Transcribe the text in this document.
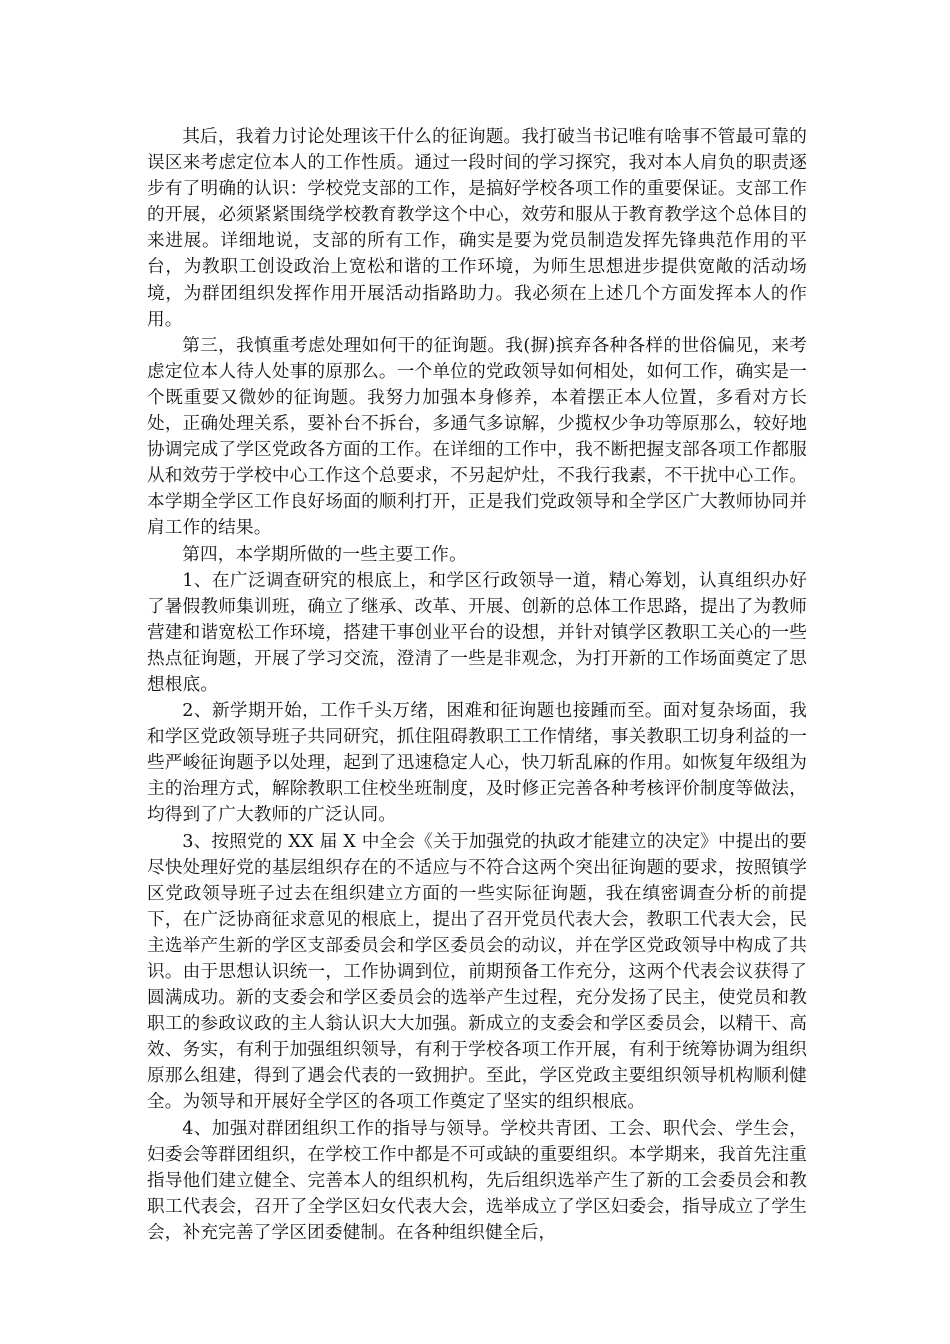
其后，我着力讨论处理该干什么的征询题。我打破当书记唯有啥事不管最可靠的误区来考虑定位本人的工作性质。通过一段时间的学习探究，我对本人肩负的职责逐步有了明确的认识：学校党支部的工作，是搞好学校各项工作的重要保证。支部工作的开展，必须紧紧围绕学校教育教学这个中心，效劳和服从于教育教学这个总体目的来进展。详细地说，支部的所有工作，确实是要为党员制造发挥先锋典范作用的平台，为教职工创设政治上宽松和谐的工作环境，为师生思想进步提供宽敞的活动场境，为群团组织发挥作用开展活动指路助力。我必须在上述几个方面发挥本人的作用。

第三，我慎重考虑处理如何干的征询题。我(摒)摈弃各种各样的世俗偏见，来考虑定位本人待人处事的原那么。一个单位的党政领导如何相处，如何工作，确实是一个既重要又微妙的征询题。我努力加强本身修养，本着摆正本人位置，多看对方长处，正确处理关系，要补台不拆台，多通气多谅解，少揽权少争功等原那么，较好地协调完成了学区党政各方面的工作。在详细的工作中，我不断把握支部各项工作都服从和效劳于学校中心工作这个总要求，不另起炉灶，不我行我素，不干扰中心工作。本学期全学区工作良好场面的顺利打开，正是我们党政领导和全学区广大教师协同并肩工作的结果。

第四，本学期所做的一些主要工作。

1、在广泛调查研究的根底上，和学区行政领导一道，精心筹划，认真组织办好了暑假教师集训班，确立了继承、改革、开展、创新的总体工作思路，提出了为教师营建和谐宽松工作环境，搭建干事创业平台的设想，并针对镇学区教职工关心的一些热点征询题，开展了学习交流，澄清了一些是非观念，为打开新的工作场面奠定了思想根底。

2、新学期开始，工作千头万绪，困难和征询题也接踵而至。面对复杂场面，我和学区党政领导班子共同研究，抓住阻碍教职工工作情绪，事关教职工切身利益的一些严峻征询题予以处理，起到了迅速稳定人心，快刀斩乱麻的作用。如恢复年级组为主的治理方式，解除教职工住校坐班制度，及时修正完善各种考核评价制度等做法，均得到了广大教师的广泛认同。

3、按照党的 XX 届 X 中全会《关于加强党的执政才能建立的决定》中提出的要尽快处理好党的基层组织存在的不适应与不符合这两个突出征询题的要求，按照镇学区党政领导班子过去在组织建立方面的一些实际征询题，我在缜密调查分析的前提下，在广泛协商征求意见的根底上，提出了召开党员代表大会，教职工代表大会，民主选举产生新的学区支部委员会和学区委员会的动议，并在学区党政领导中构成了共识。由于思想认识统一，工作协调到位，前期预备工作充分，这两个代表会议获得了圆满成功。新的支委会和学区委员会的选举产生过程，充分发扬了民主，使党员和教职工的参政议政的主人翁认识大大加强。新成立的支委会和学区委员会，以精干、高效、务实，有利于加强组织领导，有利于学校各项工作开展，有利于统筹协调为组织原那么组建，得到了遇会代表的一致拥护。至此，学区党政主要组织领导机构顺利健全。为领导和开展好全学区的各项工作奠定了坚实的组织根底。

4、加强对群团组织工作的指导与领导。学校共青团、工会、职代会、学生会，妇委会等群团组织，在学校工作中都是不可或缺的重要组织。本学期来，我首先注重指导他们建立健全、完善本人的组织机构，先后组织选举产生了新的工会委员会和教职工代表会，召开了全学区妇女代表大会，选举成立了学区妇委会，指导成立了学生会，补充完善了学区团委健制。在各种组织健全后，
